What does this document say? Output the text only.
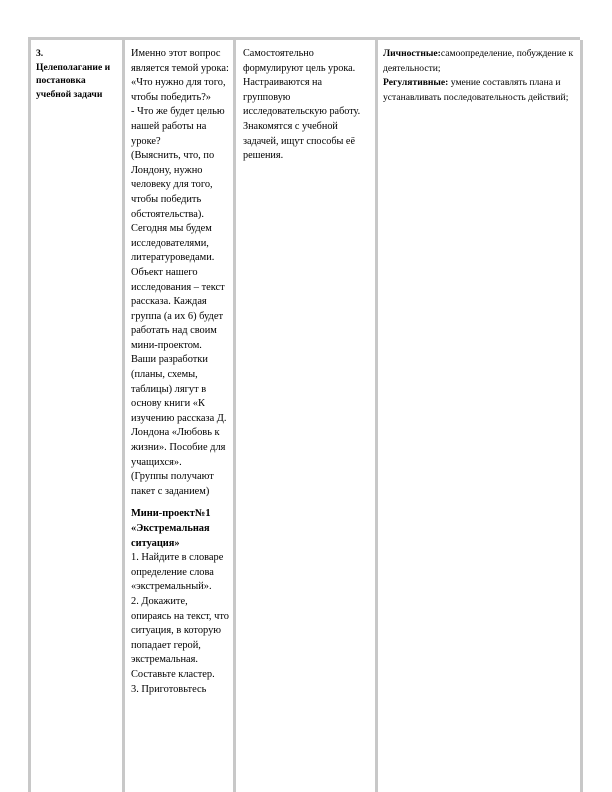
3.
Целеполагание и постановка учебной задачи
Именно этот вопрос является темой урока: «Что нужно для того, чтобы победить?»
- Что же будет целью нашей работы на уроке?
(Выяснить, что, по Лондону, нужно человеку для того, чтобы победить обстоятельства).
Сегодня мы будем исследователями, литературоведами. Объект нашего исследования – текст рассказа. Каждая группа (а их 6) будет работать над своим мини-проектом. Ваши разработки (планы, схемы, таблицы) лягут в основу книги «К изучению рассказа Д. Лондона «Любовь к жизни». Пособие для учащихся».
(Группы получают пакет с заданием)
Мини-проект№1 «Экстремальная ситуация»
1. Найдите в словаре определение слова «экстремальный».
2. Докажите, опираясь на текст, что ситуация, в которую попадает герой, экстремальная. Составьте кластер.
3. Приготовьтесь
Самостоятельно формулируют цель урока. Настраиваются на групповую исследовательскую работу. Знакомятся с учебной задачей, ищут способы её решения.
Личностные:самоопределение, побуждение к деятельности;
Регулятивные: умение составлять плана и устанавливать последовательность действий;
